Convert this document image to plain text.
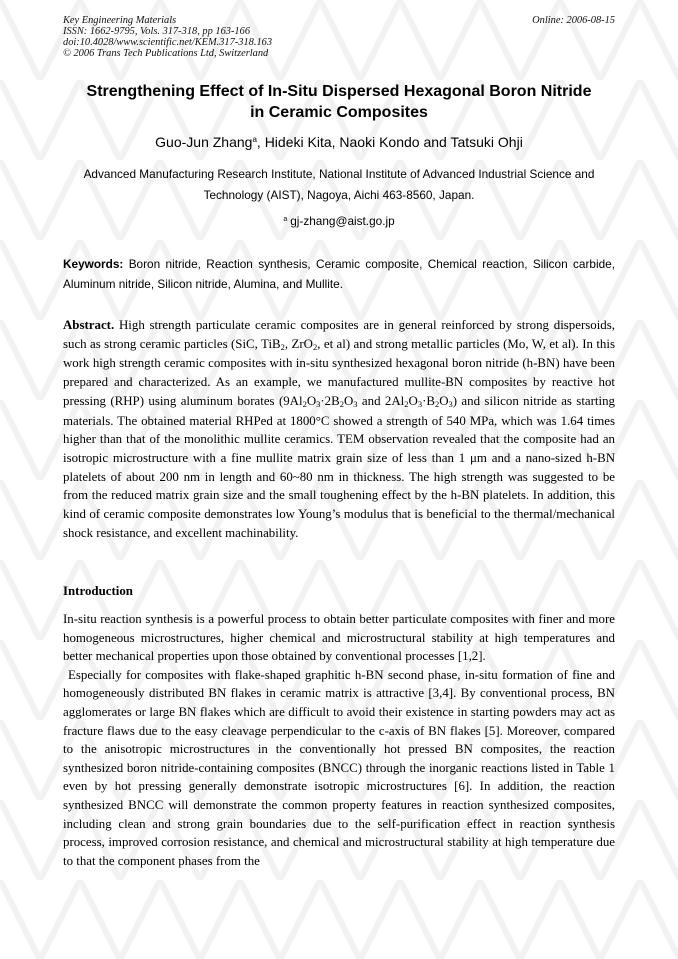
Key Engineering Materials
ISSN: 1662-9795, Vols. 317-318, pp 163-166
doi:10.4028/www.scientific.net/KEM.317-318.163
© 2006 Trans Tech Publications Ltd, Switzerland
Online: 2006-08-15
Strengthening Effect of In-Situ Dispersed Hexagonal Boron Nitride
in Ceramic Composites
Guo-Jun Zhang$^a$, Hideki Kita, Naoki Kondo and Tatsuki Ohji
Advanced Manufacturing Research Institute, National Institute of Advanced Industrial Science and
Technology (AIST), Nagoya, Aichi 463-8560, Japan.
$^a$ gj-zhang@aist.go.jp
Keywords: Boron nitride, Reaction synthesis, Ceramic composite, Chemical reaction, Silicon carbide, Aluminum nitride, Silicon nitride, Alumina, and Mullite.
Abstract. High strength particulate ceramic composites are in general reinforced by strong dispersoids, such as strong ceramic particles (SiC, TiB$_2$, ZrO$_2$, et al) and strong metallic particles (Mo, W, et al). In this work high strength ceramic composites with in-situ synthesized hexagonal boron nitride (h-BN) have been prepared and characterized. As an example, we manufactured mullite-BN composites by reactive hot pressing (RHP) using aluminum borates ($9Al_2O_3\cdot 2B_2O_3$ and $2Al_2O_3\cdot B_2O_3$) and silicon nitride as starting materials. The obtained material RHPed at 1800°C showed a strength of 540 MPa, which was 1.64 times higher than that of the monolithic mullite ceramics. TEM observation revealed that the composite had an isotropic microstructure with a fine mullite matrix grain size of less than 1 μm and a nano-sized h-BN platelets of about 200 nm in length and 60~80 nm in thickness. The high strength was suggested to be from the reduced matrix grain size and the small toughening effect by the h-BN platelets. In addition, this kind of ceramic composite demonstrates low Young’s modulus that is beneficial to the thermal/mechanical shock resistance, and excellent machinability.
Introduction

In-situ reaction synthesis is a powerful process to obtain better particulate composites with finer and more homogeneous microstructures, higher chemical and microstructural stability at high temperatures and better mechanical properties upon those obtained by conventional processes [1,2].

Especially for composites with flake-shaped graphitic h-BN second phase, in-situ formation of fine and homogeneously distributed BN flakes in ceramic matrix is attractive [3,4]. By conventional process, BN agglomerates or large BN flakes which are difficult to avoid their existence in starting powders may act as fracture flaws due to the easy cleavage perpendicular to the c-axis of BN flakes [5]. Moreover, compared to the anisotropic microstructures in the conventionally hot pressed BN composites, the reaction synthesized boron nitride-containing composites (BNCC) through the inorganic reactions listed in Table 1 even by hot pressing generally demonstrate isotropic microstructures [6]. In addition, the reaction synthesized BNCC will demonstrate the common property features in reaction synthesized composites, including clean and strong grain boundaries due to the self-purification effect in reaction synthesis process, improved corrosion resistance, and chemical and microstructural stability at high temperature due to that the component phases from the
